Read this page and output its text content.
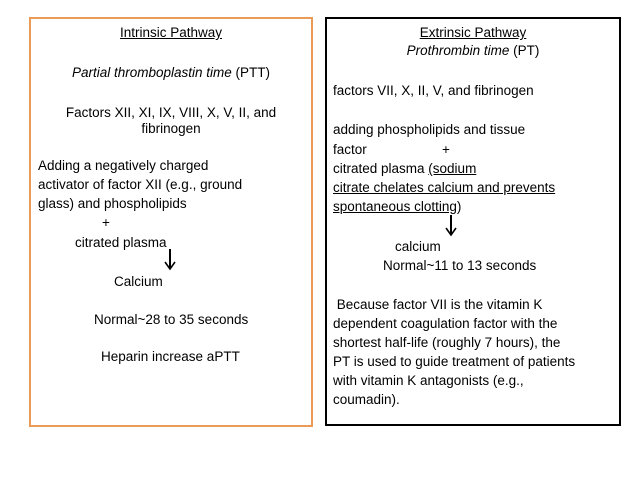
Intrinsic Pathway
Partial thromboplastin time (PTT)
Factors XII, XI, IX, VIII, X, V, II, and
fibrinogen
Adding a negatively charged
activator of factor XII (e.g., ground
glass) and phospholipids
+
citrated plasma
Calcium
Normal~28 to 35 seconds
Heparin increase aPTT
Extrinsic Pathway
Prothrombin time (PT)
factors VII, X, II, V, and fibrinogen
adding phospholipids and tissue
factor	+
citrated plasma (sodium
citrate chelates calcium and prevents
spontaneous clotting)
calcium
Normal~11 to 13 seconds
Because factor VII is the vitamin K
dependent coagulation factor with the
shortest half-life (roughly 7 hours), the
PT is used to guide treatment of patients
with vitamin K antagonists (e.g.,
coumadin).
